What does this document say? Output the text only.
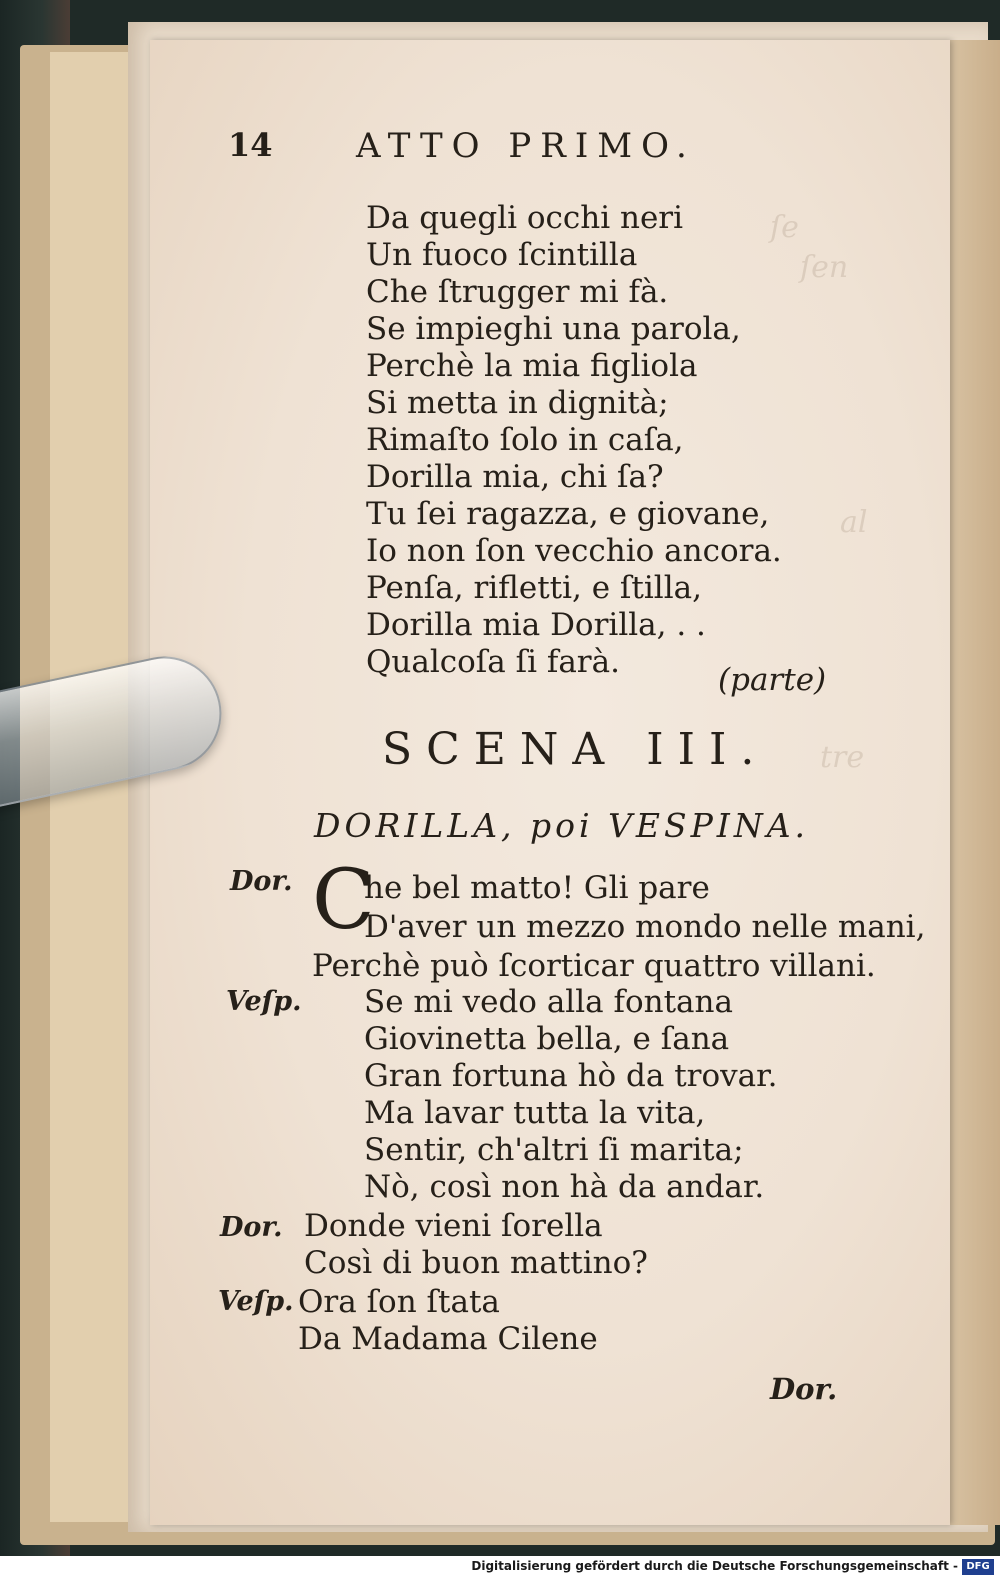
ſe
ſen
al
tre
14 ATTO PRIMO.
Da quegli occhi neri
Un fuoco ſcintilla
Che ſtrugger mi fà.
Se impieghi una parola,
Perchè la mia figliola
Si metta in dignità;
Rimaſto ſolo in caſa,
Dorilla mia, chi ſa?
Tu ſei ragazza, e giovane,
Io non ſon vecchio ancora.
Penſa, rifletti, e ſtilla,
Dorilla mia Dorilla, . .
Qualcoſa ſi farà.	(parte)
SCENA III.
DORILLA, poi VESPINA.
Dor. C
he bel matto! Gli pare
D'aver un mezzo mondo nelle mani,
Perchè può ſcorticar quattro villani.
Veſp. Se mi vedo alla fontana
Giovinetta bella, e ſana
Gran fortuna hò da trovar.
Ma lavar tutta la vita,
Sentir, ch'altri ſi marita;
Nò, così non hà da andar.
Dor. Donde vieni ſorella
Così di buon mattino?
Veſp. Ora ſon ſtata
Da Madama Cilene
Dor.
Digitalisierung gefördert durch die Deutsche Forschungsgemeinschaft - DFG
